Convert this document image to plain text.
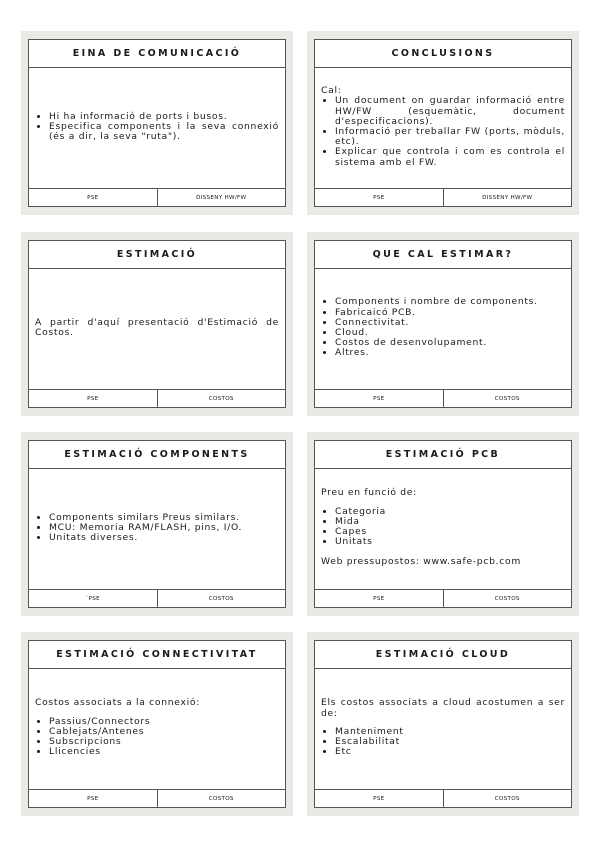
EINA DE COMUNICACIÓ
• Hi ha informació de ports i busos.
• Especifica components i la seva connexió (és a dir, la seva "ruta").
PSE	DISSENY HW/FW
CONCLUSIONS

Cal:

• Un document on guardar informació entre HW/FW (esquemàtic, document d'especificacions).
• Informació per treballar FW (ports, mòduls, etc).
• Explicar que controla i com es controla el sistema amb el FW.
PSE	DISSENY HW/FW
ESTIMACIÓ

A partir d'aquí presentació d'Estimació de Costos.

PSE	COSTOS
QUE CAL ESTIMAR?
• Components i nombre de components.
• Fabricaicó PCB.
• Connectivitat.
• Cloud.
• Costos de desenvolupament.
• Altres.
PSE	COSTOS
ESTIMACIÓ COMPONENTS
• Components similars Preus similars.
• MCU: Memoria RAM/FLASH, pins, I/O.
• Unitats diverses.
`PSE	COSTOS
ESTIMACIÓ PCB

Preu en funció de:

• Categoria
• Mida
• Capes
• Unitats

Web pressupostos: www.safe-pcb.com

PSE	COSTOS
ESTIMACIÓ CONNECTIVITAT

Costos associats a la connexió:

• Passius/Connectors
• Cablejats/Antenes
• Subscripcions
• Llicencies
PSE	COSTOS
ESTIMACIÓ CLOUD

Els costos associats a cloud acostumen a ser de:

• Manteniment
• Escalabilitat
• Etc
PSE	COSTOS
